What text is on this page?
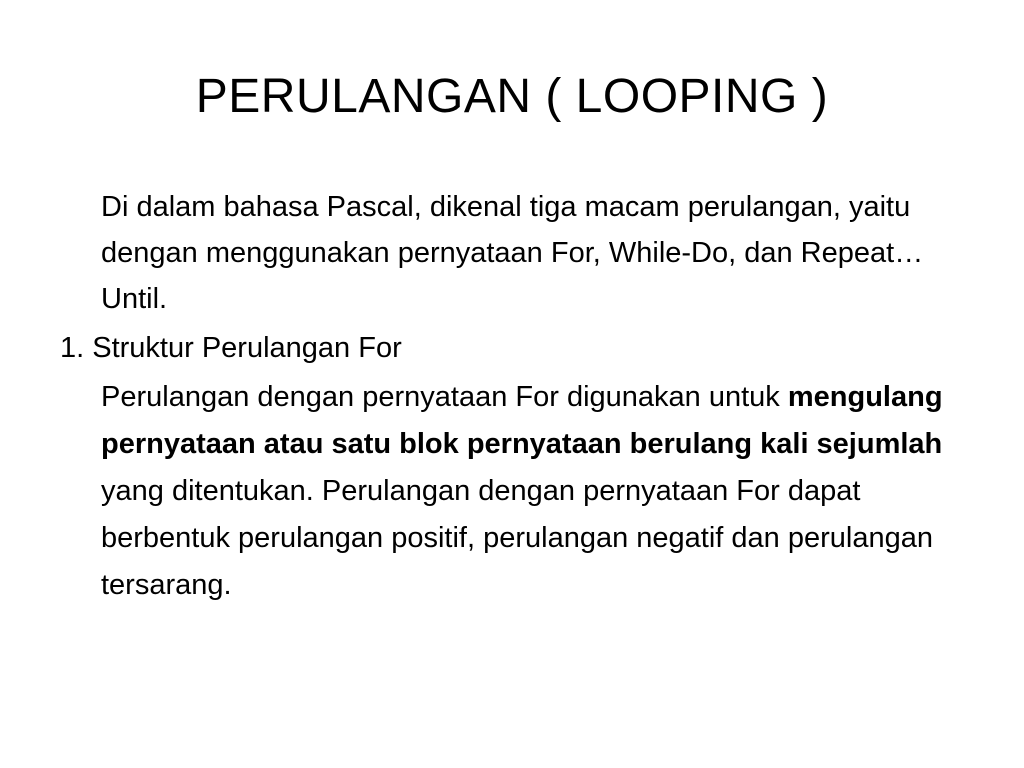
PERULANGAN ( LOOPING )

Di dalam bahasa Pascal, dikenal tiga macam perulangan, yaitu dengan menggunakan pernyataan For, While-Do, dan Repeat…Until.

1. Struktur Perulangan For

Perulangan dengan pernyataan For digunakan untuk mengulang pernyataan atau satu blok pernyataan berulang kali sejumlah yang ditentukan. Perulangan dengan pernyataan For dapat berbentuk perulangan positif, perulangan negatif dan perulangan tersarang.
